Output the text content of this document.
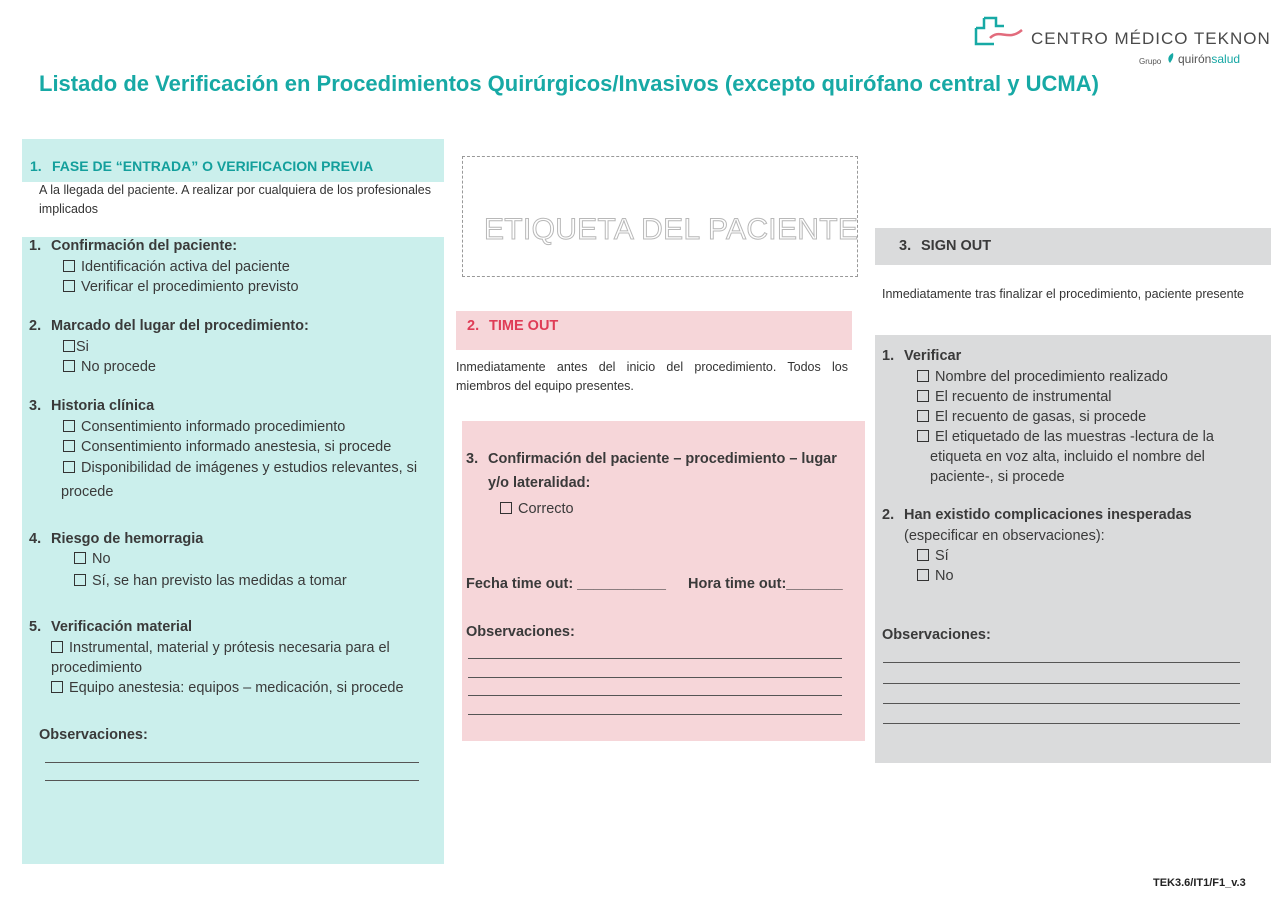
CENTRO MÉDICO TEKNON
Grupo quirónsalud
Listado de Verificación en Procedimientos Quirúrgicos/Invasivos (excepto quirófano central y UCMA)
1. FASE DE “ENTRADA” O VERIFICACION PREVIA
A la llegada del paciente. A realizar por cualquiera de los profesionales implicados
1. Confirmación del paciente:
Identificación activa del paciente
Verificar el procedimiento previsto
2. Marcado del lugar del procedimiento:
Si
No procede
3. Historia clínica
Consentimiento informado procedimiento
Consentimiento informado anestesia, si procede
Disponibilidad de imágenes y estudios relevantes, si
procede
4. Riesgo de hemorragia
No
Sí, se han previsto las medidas a tomar
5. Verificación material
Instrumental, material y prótesis necesaria para el
procedimiento
Equipo anestesia: equipos – medicación, si procede
Observaciones:
ETIQUETA DEL PACIENTE
2. TIME OUT
Inmediatamente antes del inicio del procedimiento. Todos los miembros del equipo presentes.
3. Confirmación del paciente – procedimiento – lugar
y/o lateralidad:
Correcto
Fecha time out: ___________ Hora time out:_______
Observaciones:
3. SIGN OUT
Inmediatamente tras finalizar el procedimiento, paciente presente
1. Verificar
Nombre del procedimiento realizado
El recuento de instrumental
El recuento de gasas, si procede
El etiquetado de las muestras -lectura de la
etiqueta en voz alta, incluido el nombre del
paciente-, si procede
2. Han existido complicaciones inesperadas
(especificar en observaciones):
Sí
No
Observaciones:
TEK3.6/IT1/F1_v.3
